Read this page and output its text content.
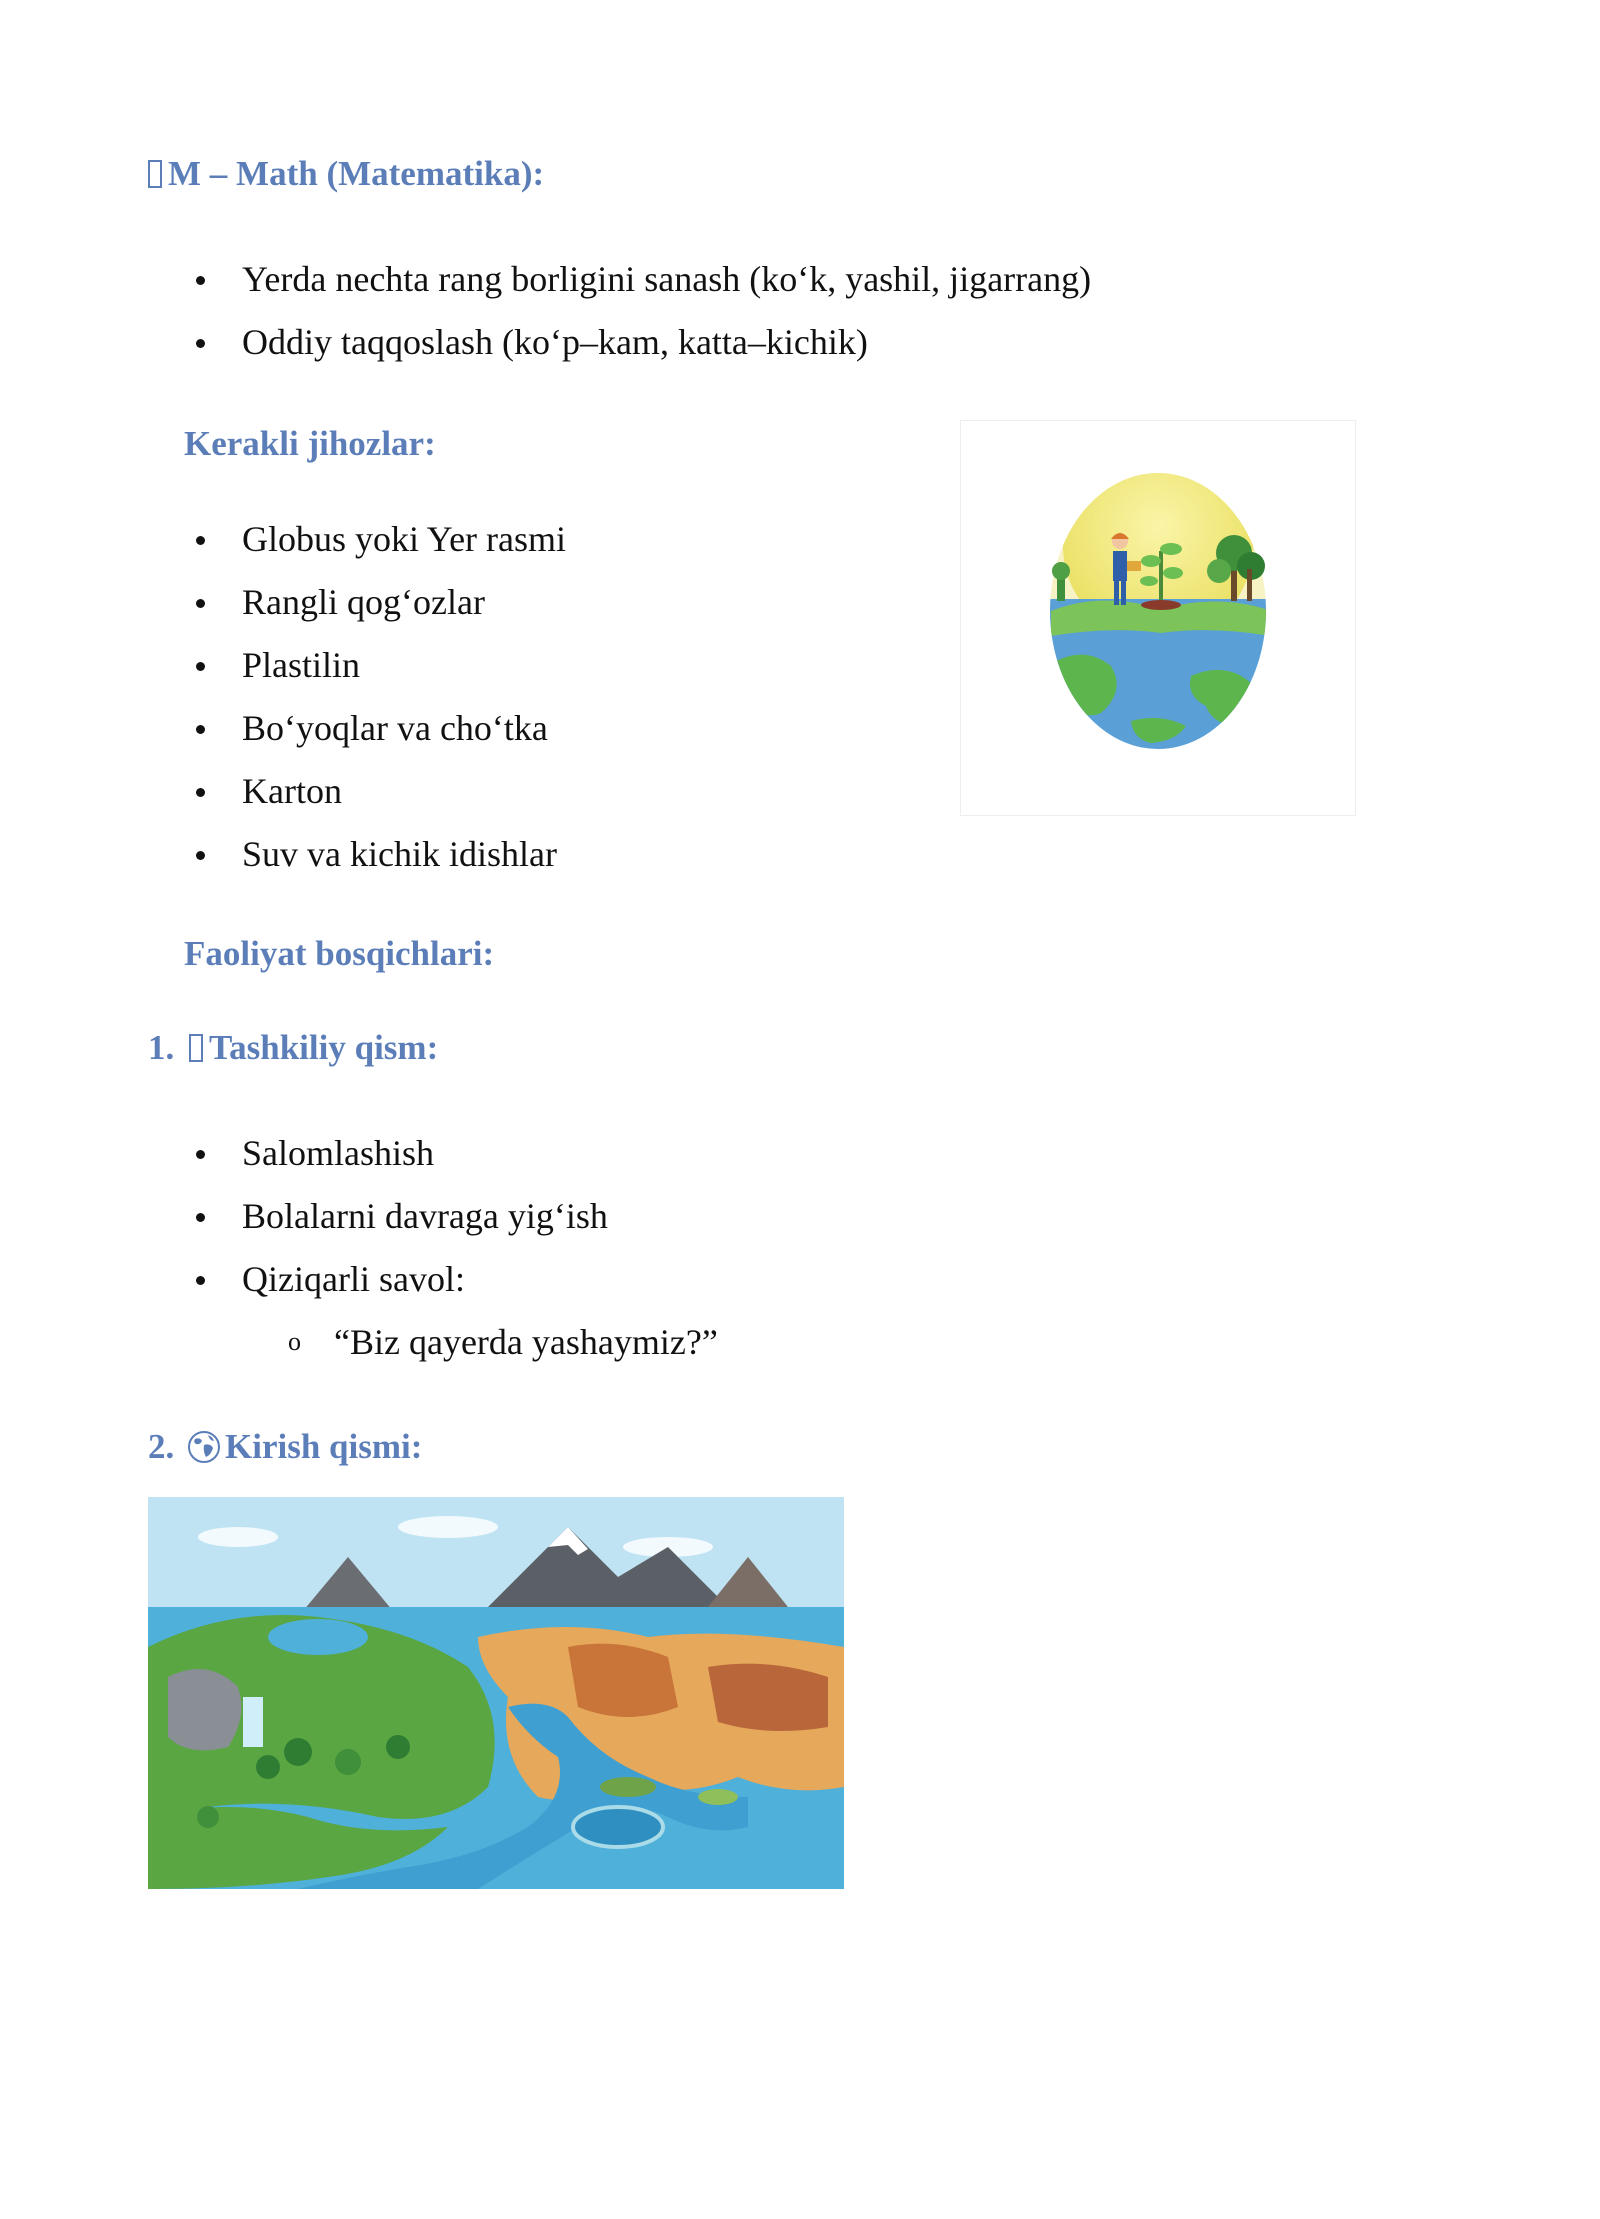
M – Math (Matematika):
Yerda nechta rang borligini sanash (ko‘k, yashil, jigarrang)
Oddiy taqqoslash (ko‘p–kam, katta–kichik)
Kerakli jihozlar:
Globus yoki Yer rasmi
Rangli qog‘ozlar
Plastilin
Bo‘yoqlar va cho‘tka
Karton
Suv va kichik idishlar
Faoliyat bosqichlari:
1. Tashkiliy qism:
Salomlashish
Bolalarni davraga yig‘ish
Qiziqarli savol:
o “Biz qayerda yashaymiz?”
2. Kirish qismi:
